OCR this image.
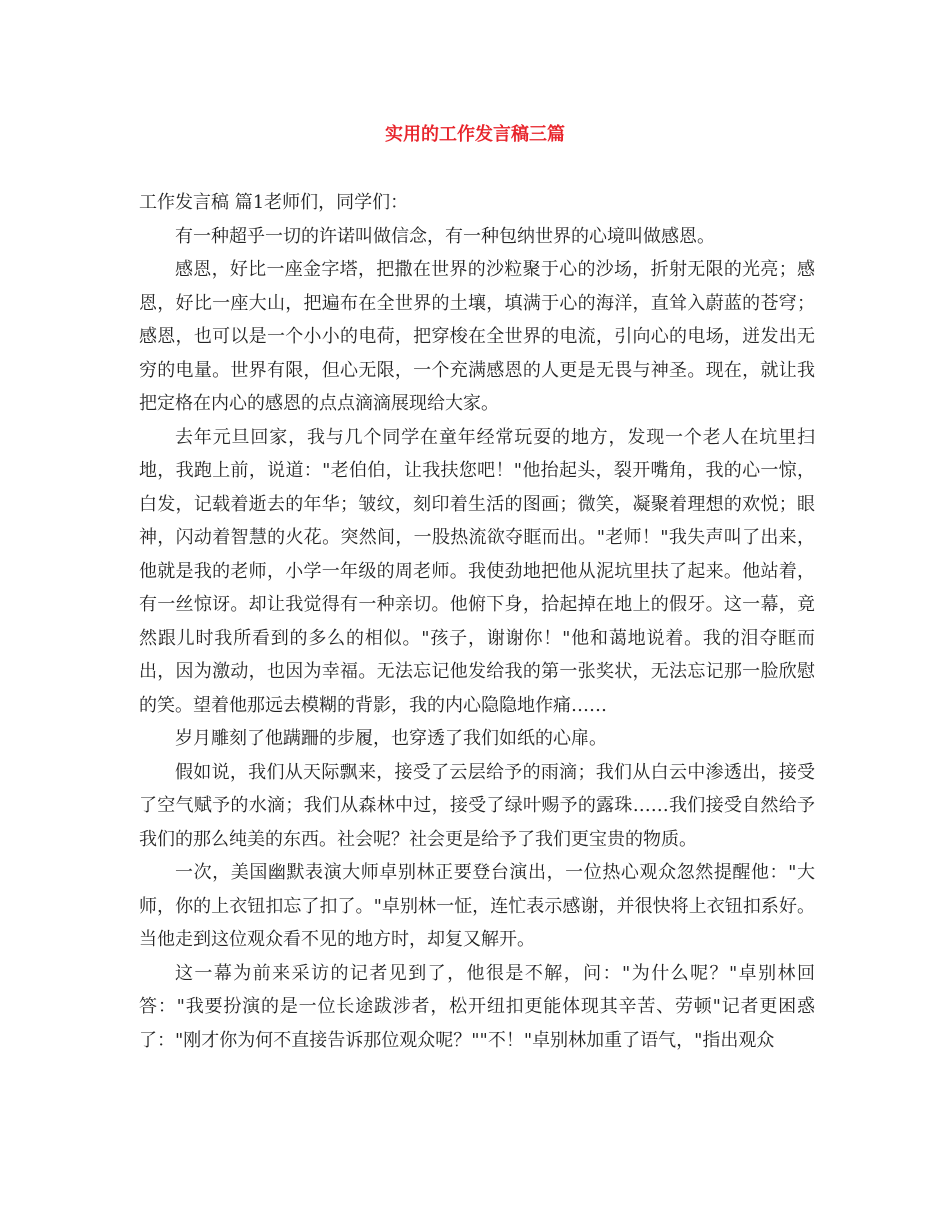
实用的工作发言稿三篇

工作发言稿 篇1老师们，同学们：

有一种超乎一切的许诺叫做信念，有一种包纳世界的心境叫做感恩。

感恩，好比一座金字塔，把撒在世界的沙粒聚于心的沙场，折射无限的光亮；感恩，好比一座大山，把遍布在全世界的土壤，填满于心的海洋，直耸入蔚蓝的苍穹；感恩，也可以是一个小小的电荷，把穿梭在全世界的电流，引向心的电场，迸发出无穷的电量。世界有限，但心无限，一个充满感恩的人更是无畏与神圣。现在，就让我把定格在内心的感恩的点点滴滴展现给大家。

去年元旦回家，我与几个同学在童年经常玩耍的地方，发现一个老人在坑里扫地，我跑上前，说道："老伯伯，让我扶您吧！"他抬起头，裂开嘴角，我的心一惊，白发，记载着逝去的年华；皱纹，刻印着生活的图画；微笑，凝聚着理想的欢悦；眼神，闪动着智慧的火花。突然间，一股热流欲夺眶而出。"老师！"我失声叫了出来，他就是我的老师，小学一年级的周老师。我使劲地把他从泥坑里扶了起来。他站着，有一丝惊讶。却让我觉得有一种亲切。他俯下身，拾起掉在地上的假牙。这一幕，竟然跟儿时我所看到的多么的相似。"孩子，谢谢你！"他和蔼地说着。我的泪夺眶而出，因为激动，也因为幸福。无法忘记他发给我的第一张奖状，无法忘记那一脸欣慰的笑。望着他那远去模糊的背影，我的内心隐隐地作痛……

岁月雕刻了他蹒跚的步履，也穿透了我们如纸的心扉。

假如说，我们从天际飘来，接受了云层给予的雨滴；我们从白云中渗透出，接受了空气赋予的水滴；我们从森林中过，接受了绿叶赐予的露珠……我们接受自然给予我们的那么纯美的东西。社会呢？社会更是给予了我们更宝贵的物质。

一次，美国幽默表演大师卓别林正要登台演出，一位热心观众忽然提醒他："大师，你的上衣钮扣忘了扣了。"卓别林一怔，连忙表示感谢，并很快将上衣钮扣系好。当他走到这位观众看不见的地方时，却复又解开。

这一幕为前来采访的记者见到了，他很是不解，问："为什么呢？"卓别林回答："我要扮演的是一位长途跋涉者，松开纽扣更能体现其辛苦、劳顿"记者更困惑了："刚才你为何不直接告诉那位观众呢？""不！"卓别林加重了语气，"指出观众
